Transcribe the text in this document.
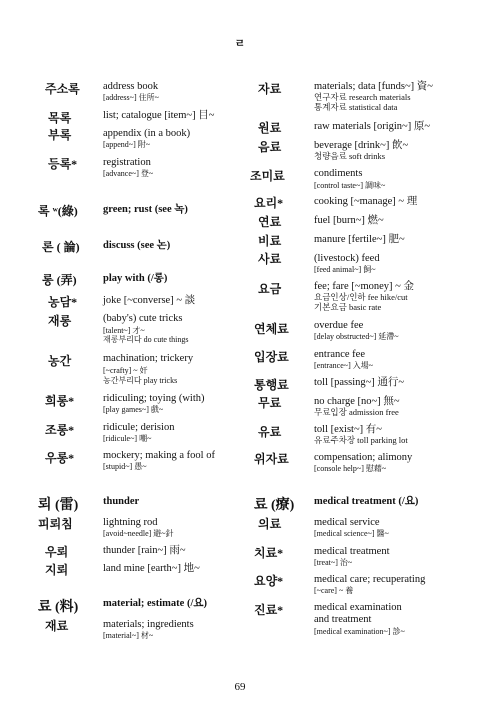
ㄹ
주소록 address book
[address~] 住所~
목록	list; catalogue [item~] 目~
부록	appendix (in a book)
[append~] 附~
등록* registration
[advance~] 登~
록 ʷ(綠) green; rust (see 녹)
론 ( 論) discuss (see 논)
롱 (弄)	play with (/롱)
농담* joke [~converse] ~ 談
재롱	(baby's) cute tricks
[talent~] 才~
재롱부리다 do cute things
농간	machination; trickery
[~crafty] ~ 奸
농간부리다 play tricks
희롱*	ridiculing; toying (with)
[play games~] 戲~
조롱*	ridicule; derision
[ridicule~] 嘲~
우롱*	mockery; making a fool of
[stupid~] 愚~
뢰 (雷) thunder
피뢰침	lightning rod
[avoid~needle] 避~針
우뢰	thunder [rain~] 雨~
지뢰	land mine [earth~] 地~
료 (料) material; estimate (/요)
재료	materials; ingredients
[material~] 材~
자료	materials; data [funds~] 資~
연구자료 research materials
통계자료 statistical data
원료	raw materials [origin~] 原~
음료	beverage [drink~] 飲~
청량음료 soft drinks
조미료	condiments
[control taste~] 調味~
요리*	cooking [~manage] ~ 理
연료	fuel [burn~] 燃~
비료	manure [fertile~] 肥~
사료	(livestock) feed
[feed animal~] 飼~
요금	fee; fare [~money] ~ 金
요금인상/인하 fee hike/cut
기본요금 basic rate
연체료 overdue fee
[delay obstructed~] 延滯~
입장료 entrance fee
[entrance~] 入場~
통행료 toll [passing~] 通行~
무료	no charge [no~] 無~
무료입장 admission free
유료	toll [exist~] 有~
유료주차장 toll parking lot
위자료 compensation; alimony
[console help~] 慰藉~
료 (療) medical treatment (/요)
의료	medical service
[medical science~] 醫~
치료*	medical treatment
[treat~] 治~
요양*	medical care; recuperating
[~care] ~ 養
진료*	medical examination
and treatment
[medical examination~] 診~
69
